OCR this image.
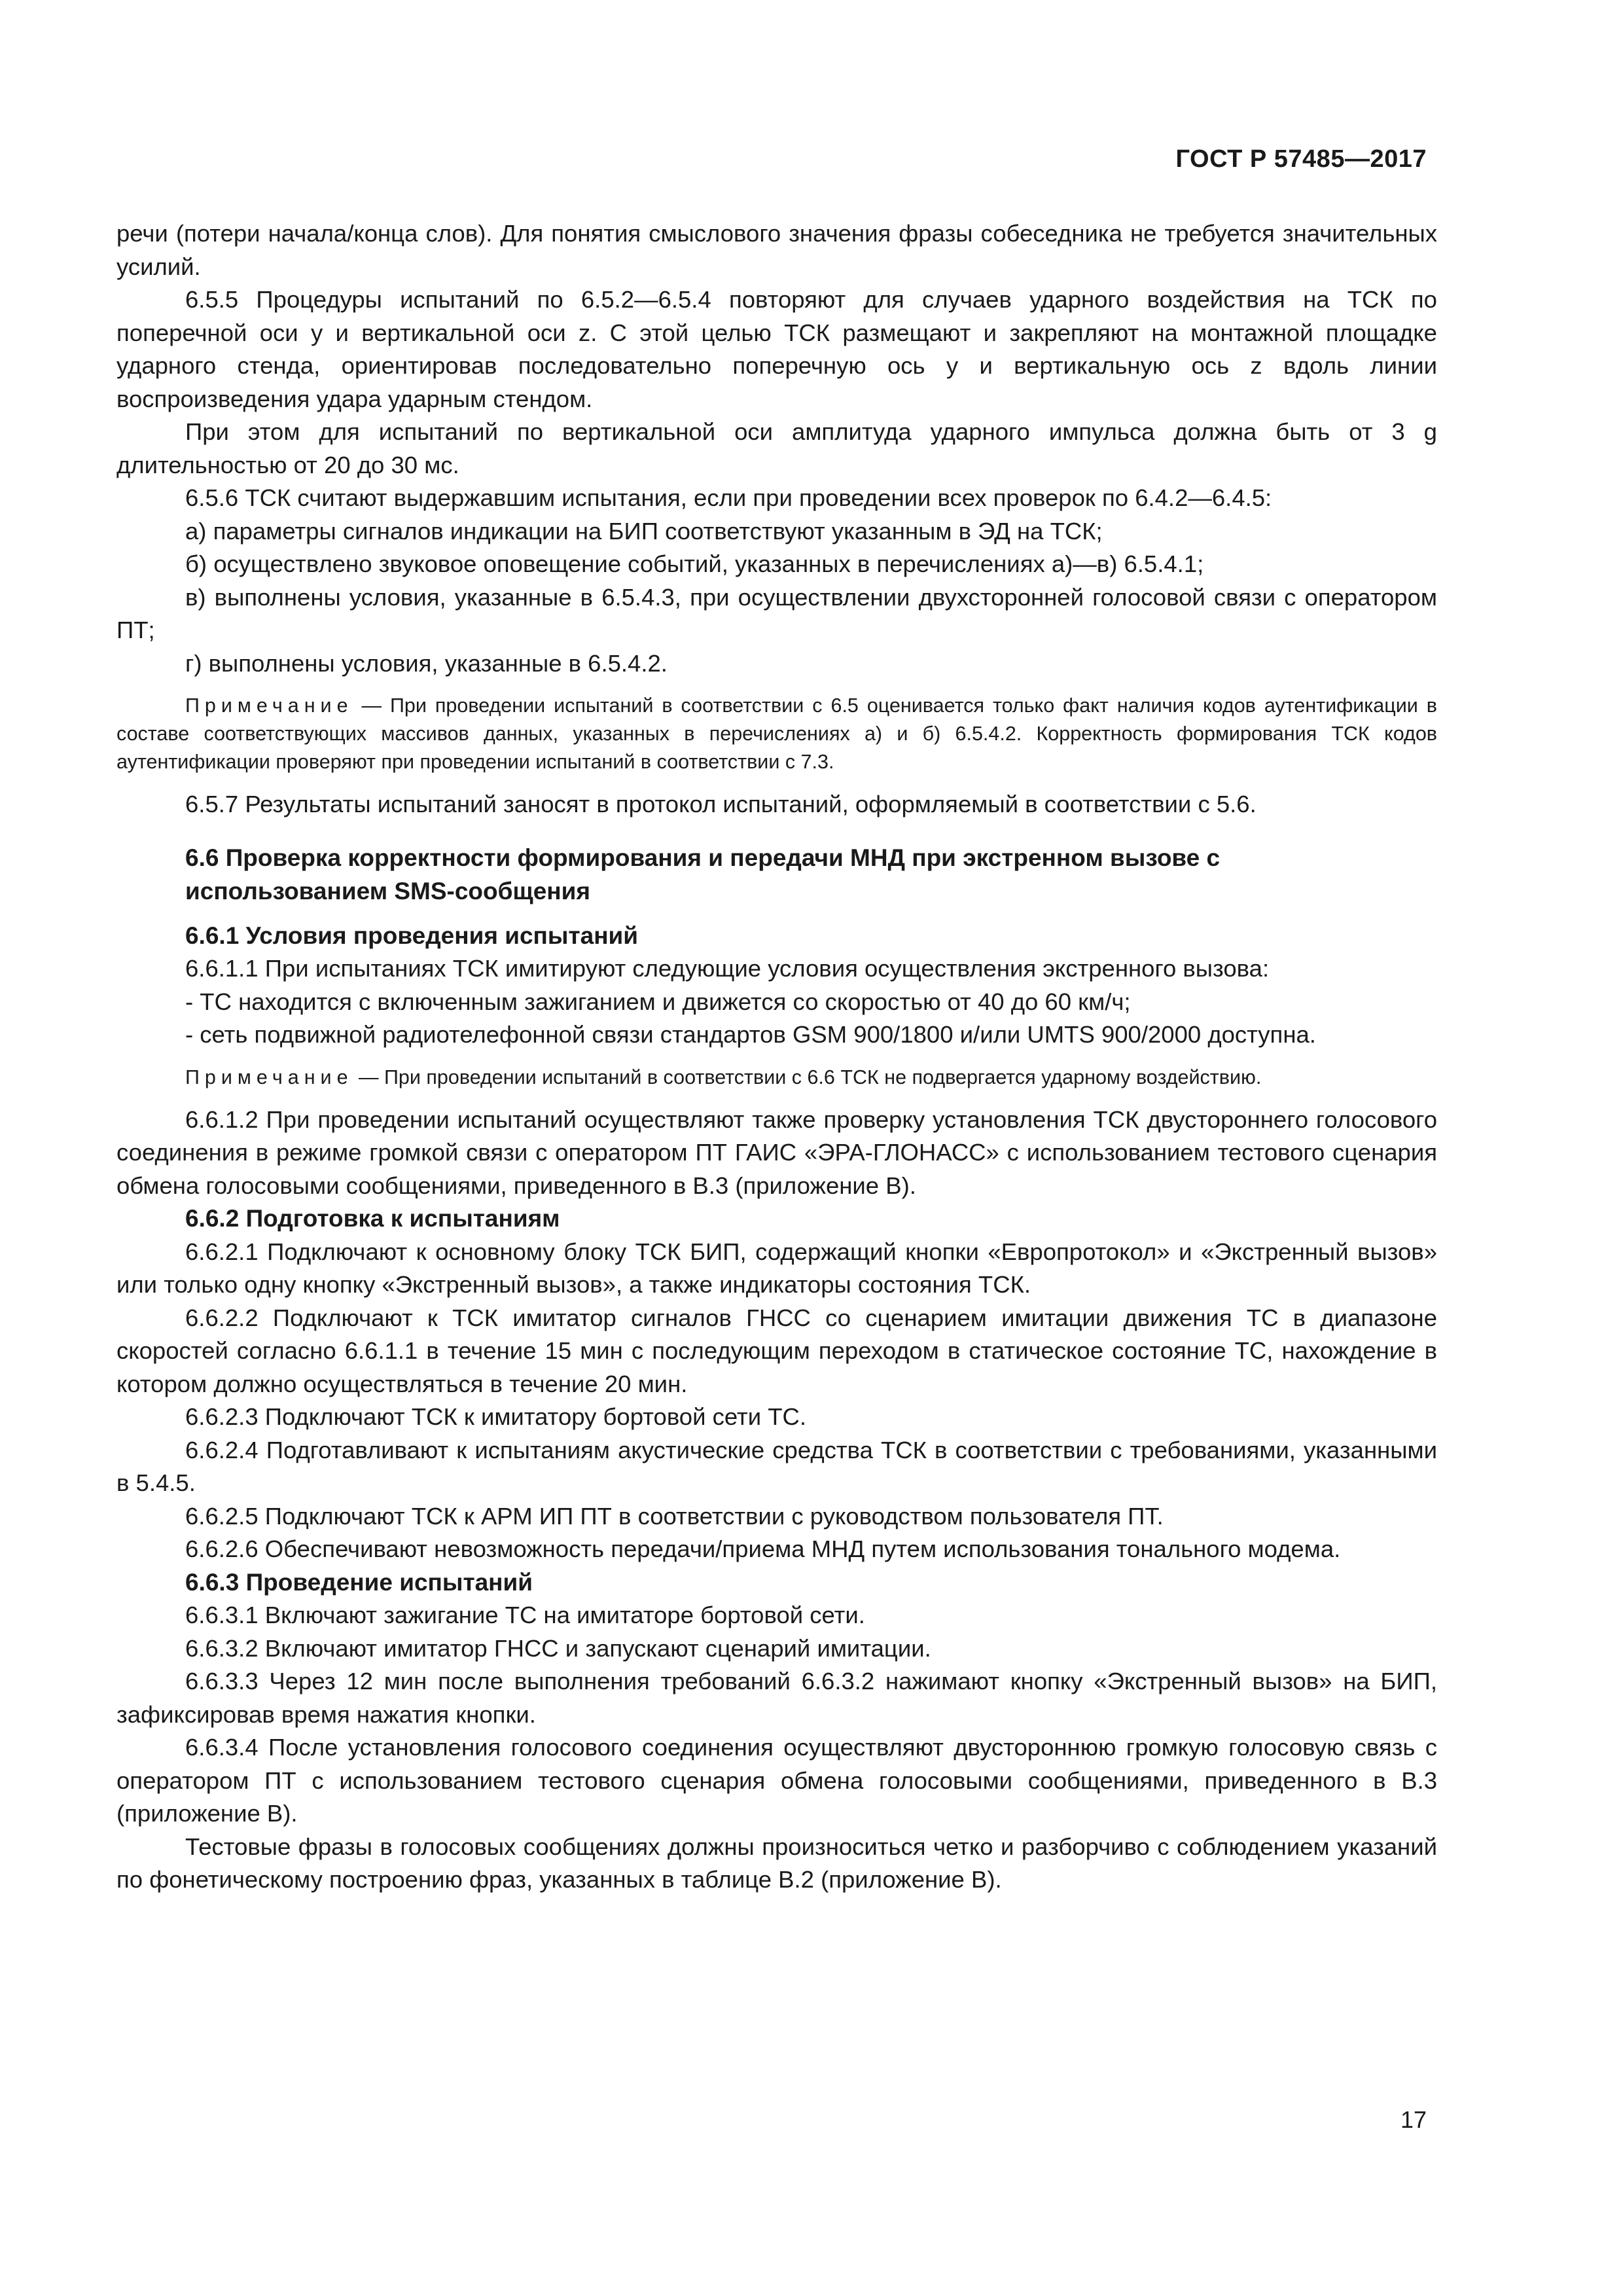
ГОСТ Р 57485—2017

речи (потери начала/конца слов). Для понятия смыслового значения фразы собеседника не требуется значительных усилий.

6.5.5 Процедуры испытаний по 6.5.2—6.5.4 повторяют для случаев ударного воздействия на ТСК по поперечной оси y и вертикальной оси z. С этой целью ТСК размещают и закрепляют на монтажной площадке ударного стенда, ориентировав последовательно поперечную ось y и вертикальную ось z вдоль линии воспроизведения удара ударным стендом.

При этом для испытаний по вертикальной оси амплитуда ударного импульса должна быть от 3 g длительностью от 20 до 30 мс.

6.5.6 ТСК считают выдержавшим испытания, если при проведении всех проверок по 6.4.2—6.4.5:

а) параметры сигналов индикации на БИП соответствуют указанным в ЭД на ТСК;

б) осуществлено звуковое оповещение событий, указанных в перечислениях а)—в) 6.5.4.1;

в) выполнены условия, указанные в 6.5.4.3, при осуществлении двухсторонней голосовой связи с оператором ПТ;

г) выполнены условия, указанные в 6.5.4.2.

Примечание — При проведении испытаний в соответствии с 6.5 оценивается только факт наличия кодов аутентификации в составе соответствующих массивов данных, указанных в перечислениях а) и б) 6.5.4.2. Корректность формирования ТСК кодов аутентификации проверяют при проведении испытаний в соответствии с 7.3.

6.5.7 Результаты испытаний заносят в протокол испытаний, оформляемый в соответствии с 5.6.

6.6 Проверка корректности формирования и передачи МНД при экстренном вызове с использованием SMS-сообщения

6.6.1 Условия проведения испытаний

6.6.1.1 При испытаниях ТСК имитируют следующие условия осуществления экстренного вызова:

- ТС находится с включенным зажиганием и движется со скоростью от 40 до 60 км/ч;

- сеть подвижной радиотелефонной связи стандартов GSM 900/1800 и/или UMTS 900/2000 доступна.

Примечание — При проведении испытаний в соответствии с 6.6 ТСК не подвергается ударному воздействию.

6.6.1.2 При проведении испытаний осуществляют также проверку установления ТСК двустороннего голосового соединения в режиме громкой связи с оператором ПТ ГАИС «ЭРА-ГЛОНАСС» с использованием тестового сценария обмена голосовыми сообщениями, приведенного в В.3 (приложение В).

6.6.2 Подготовка к испытаниям

6.6.2.1 Подключают к основному блоку ТСК БИП, содержащий кнопки «Европротокол» и «Экстренный вызов» или только одну кнопку «Экстренный вызов», а также индикаторы состояния ТСК.

6.6.2.2 Подключают к ТСК имитатор сигналов ГНСС со сценарием имитации движения ТС в диапазоне скоростей согласно 6.6.1.1 в течение 15 мин с последующим переходом в статическое состояние ТС, нахождение в котором должно осуществляться в течение 20 мин.

6.6.2.3 Подключают ТСК к имитатору бортовой сети ТС.

6.6.2.4 Подготавливают к испытаниям акустические средства ТСК в соответствии с требованиями, указанными в 5.4.5.

6.6.2.5 Подключают ТСК к АРМ ИП ПТ в соответствии с руководством пользователя ПТ.

6.6.2.6 Обеспечивают невозможность передачи/приема МНД путем использования тонального модема.

6.6.3 Проведение испытаний

6.6.3.1 Включают зажигание ТС на имитаторе бортовой сети.

6.6.3.2 Включают имитатор ГНСС и запускают сценарий имитации.

6.6.3.3 Через 12 мин после выполнения требований 6.6.3.2 нажимают кнопку «Экстренный вызов» на БИП, зафиксировав время нажатия кнопки.

6.6.3.4 После установления голосового соединения осуществляют двустороннюю громкую голосовую связь с оператором ПТ с использованием тестового сценария обмена голосовыми сообщениями, приведенного в В.3 (приложение В).

Тестовые фразы в голосовых сообщениях должны произноситься четко и разборчиво с соблюдением указаний по фонетическому построению фраз, указанных в таблице В.2 (приложение В).

17
